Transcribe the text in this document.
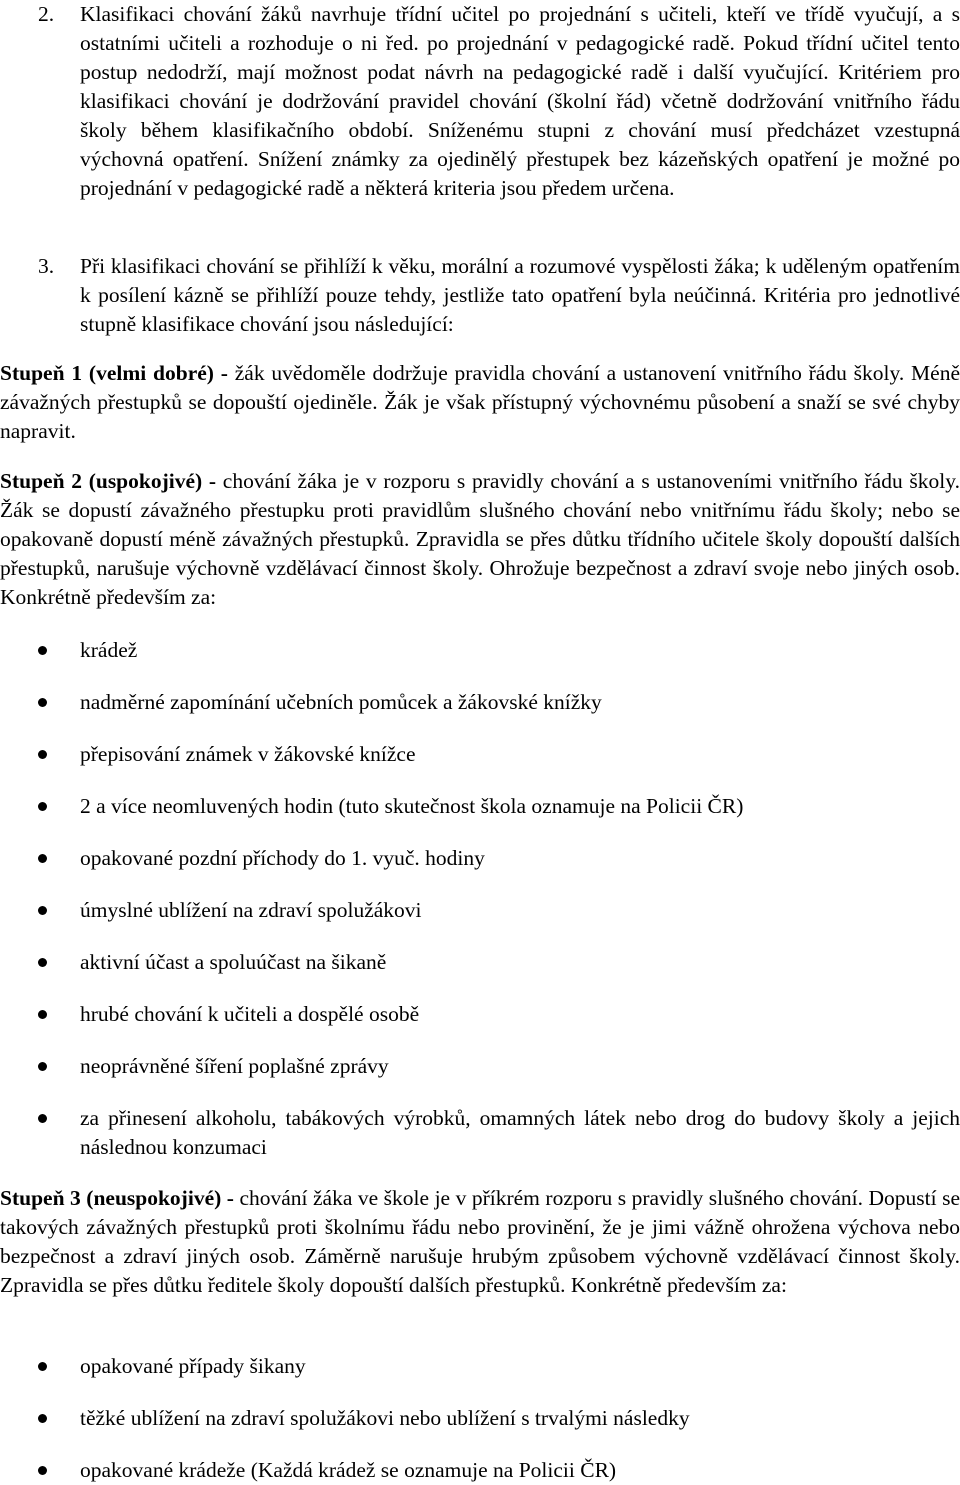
2. Klasifikaci chování žáků navrhuje třídní učitel po projednání s učiteli, kteří ve třídě vyučují, a s ostatními učiteli a rozhoduje o ni řed. po projednání v pedagogické radě. Pokud třídní učitel tento postup nedodrží, mají možnost podat návrh na pedagogické radě i další vyučující. Kritériem pro klasifikaci chování je dodržování pravidel chování (školní řád) včetně dodržování vnitřního řádu školy během klasifikačního období. Sníženému stupni z chování musí předcházet vzestupná výchovná opatření. Snížení známky za ojedinělý přestupek bez kázeňských opatření je možné po projednání v pedagogické radě a některá kriteria jsou předem určena.
3. Při klasifikaci chování se přihlíží k věku, morální a rozumové vyspělosti žáka; k uděleným opatřením k posílení kázně se přihlíží pouze tehdy, jestliže tato opatření byla neúčinná. Kritéria pro jednotlivé stupně klasifikace chování jsou následující:
Stupeň 1 (velmi dobré) - žák uvědoměle dodržuje pravidla chování a ustanovení vnitřního řádu školy. Méně závažných přestupků se dopouští ojediněle. Žák je však přístupný výchovnému působení a snaží se své chyby napravit.
Stupeň 2 (uspokojivé) - chování žáka je v rozporu s pravidly chování a s ustanoveními vnitřního řádu školy. Žák se dopustí závažného přestupku proti pravidlům slušného chování nebo vnitřnímu řádu školy; nebo se opakovaně dopustí méně závažných přestupků. Zpravidla se přes důtku třídního učitele školy dopouští dalších přestupků, narušuje výchovně vzdělávací činnost školy. Ohrožuje bezpečnost a zdraví svoje nebo jiných osob. Konkrétně především za:
krádež
nadměrné zapomínání učebních pomůcek a žákovské knížky
přepisování známek v žákovské knížce
2 a více neomluvených hodin (tuto skutečnost škola oznamuje na Policii ČR)
opakované pozdní příchody do 1. vyuč. hodiny
úmyslné ublížení na zdraví spolužákovi
aktivní účast a spoluúčast na šikaně
hrubé chování k učiteli a dospělé osobě
neoprávněné šíření poplašné zprávy
za přinesení alkoholu, tabákových výrobků, omamných látek nebo drog do budovy školy a jejich následnou konzumaci
Stupeň 3 (neuspokojivé) - chování žáka ve škole je v příkrém rozporu s pravidly slušného chování. Dopustí se takových závažných přestupků proti školnímu řádu nebo provinění, že je jimi vážně ohrožena výchova nebo bezpečnost a zdraví jiných osob. Záměrně narušuje hrubým způsobem výchovně vzdělávací činnost školy. Zpravidla se přes důtku ředitele školy dopouští dalších přestupků. Konkrétně především za:
opakované případy šikany
těžké ublížení na zdraví spolužákovi nebo ublížení s trvalými následky
opakované krádeže (Každá krádež se oznamuje na Policii ČR)
